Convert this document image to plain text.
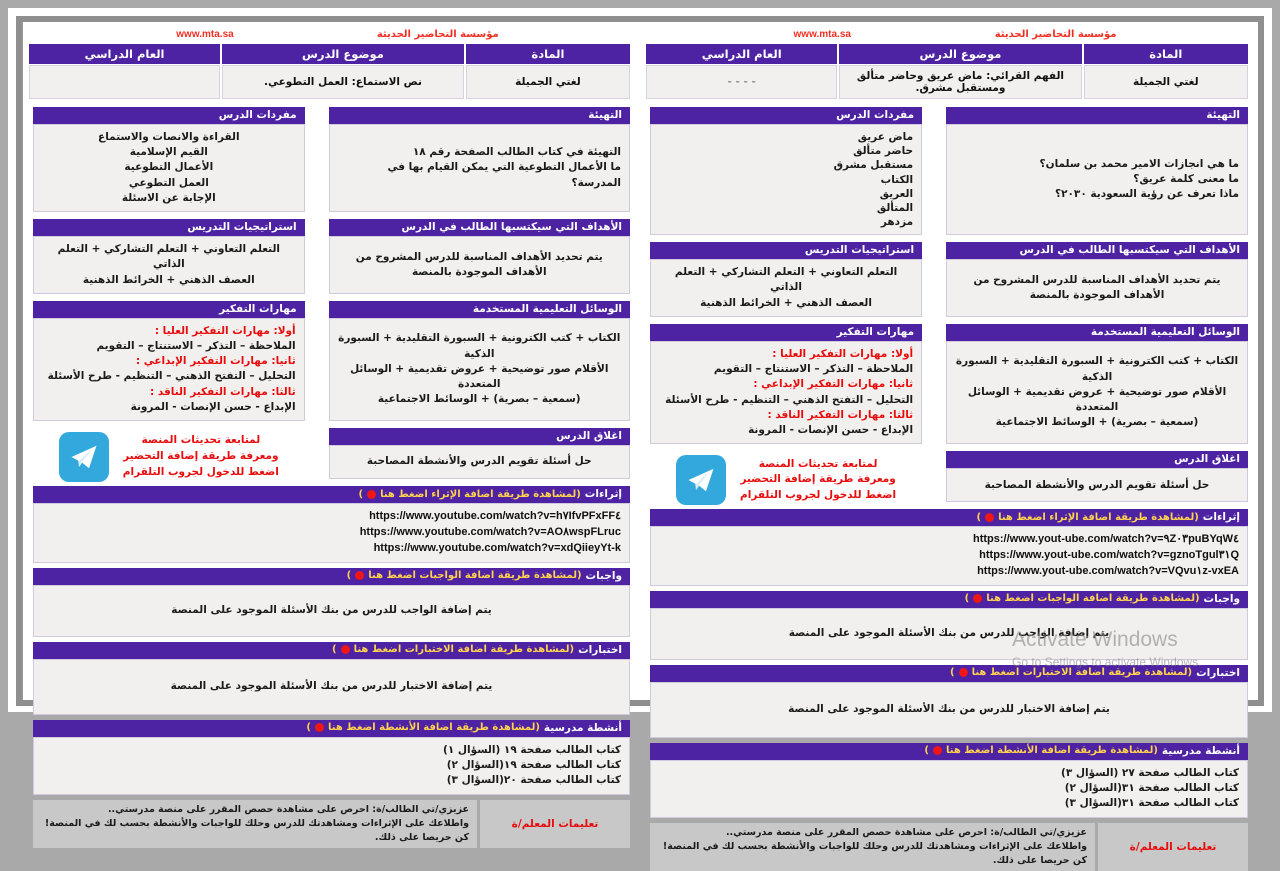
مؤسسة التحاضير الحديثة
www.mta.sa
المادة
موضوع الدرس
العام الدراسي
لغتي الجميلة
نص الاستماع: العمل التطوعي.
التهيئة
التهيئة في كتاب الطالب الصفحة رقم ١٨
ما الأعمال التطوعية التي يمكن القيام بها في المدرسة؟
مفردات الدرس
القراءة والانصات والاستماع
القيم الإسلامية
الأعمال التطوعية
العمل التطوعي
الإجابة عن الاسئلة
الأهداف التي سيكتسبها الطالب في الدرس
يتم تحديد الأهداف المناسبة للدرس المشروح من الأهداف الموجودة بالمنصة
استراتيجيات التدريس
التعلم التعاوني + التعلم التشاركي + التعلم الذاتي
العصف الذهني + الخرائط الذهنية
الوسائل التعليمية المستخدمة
الكتاب + كتب الكترونية + السبورة التقليدية + السبورة الذكية
الأقلام صور توضيحية + عروض تقديمية + الوسائل المتعددة
(سمعية – بصرية) + الوسائط الاجتماعية
مهارات التفكير
أولا: مهارات التفكير العليا :
الملاحظة – التذكر – الاستنتاج – التقويم
ثانيا: مهارات التفكير الإبداعي :
التحليل – التفتح الذهني – التنظيم - طرح الأسئلة
ثالثا: مهارات التفكير الناقد :
الإبداع - حسن الإنصات - المرونة
اغلاق الدرس
حل أسئلة تقويم الدرس والأنشطة المصاحبة
لمتابعة تحديثات المنصة
ومعرفة طريقة إضافة التحضير
اضغط للدخول لجروب التلقرام
إثراءات
(لمشاهدة طريقة اضافة الإثراء اضغط هنا
)
https://www.youtube.com/watch?v=h٧IfvPFxFF٤
https://www.youtube.com/watch?v=AO٨wspFLruc
https://www.youtube.com/watch?v=xdQiieyYt-k
واجبات
(لمشاهدة طريقة اضافة الواجبات اضغط هنا
)
يتم إضافة الواجب للدرس من بنك الأسئلة الموجود على المنصة
اختبارات
(لمشاهدة طريقة اضافة الاختبارات اضغط هنا
)
يتم إضافة الاختبار للدرس من بنك الأسئلة الموجود على المنصة
أنشطة مدرسية
(لمشاهدة طريقة اضافة الأنشطة اضغط هنا
)
كتاب الطالب صفحة ١٩ (السؤال ١)
كتاب الطالب صفحة ١٩(السؤال ٢)
كتاب الطالب صفحة ٢٠(السؤال ٣)
تعليمات المعلم/ة
عزيزي/تي الطالب/ة: احرص على مشاهدة حصص المقرر على منصة مدرستي..
واطلاعك على الإثراءات ومشاهدتك للدرس وحلك للواجبات والأنشطة بحسب لك في المنصة! كن حريصا على ذلك.
مؤسسة التحاضير الحديثة
www.mta.sa
المادة
موضوع الدرس
العام الدراسي
لغتي الجميلة
الفهم القرائي: ماض عريق وحاضر متألق ومستقبل مشرق.
- - - -
التهيئة
ما هي انجازات الامير محمد بن سلمان؟
ما معنى كلمة عريق؟
ماذا تعرف عن رؤية السعودية ٢٠٣٠؟
مفردات الدرس
ماض عريق
حاضر متألق
مستقبل مشرق
الكتاب
العريق
المتألق
مزدهر
الأهداف التي سيكتسبها الطالب في الدرس
يتم تحديد الأهداف المناسبة للدرس المشروح من الأهداف الموجودة بالمنصة
استراتيجيات التدريس
التعلم التعاوني + التعلم التشاركي + التعلم الذاتي
العصف الذهني + الخرائط الذهنية
الوسائل التعليمية المستخدمة
الكتاب + كتب الكترونية + السبورة التقليدية + السبورة الذكية
الأقلام صور توضيحية + عروض تقديمية + الوسائل المتعددة
(سمعية – بصرية) + الوسائط الاجتماعية
مهارات التفكير
أولا: مهارات التفكير العليا :
الملاحظة – التذكر – الاستنتاج – التقويم
ثانيا: مهارات التفكير الإبداعي :
التحليل – التفتح الذهني – التنظيم - طرح الأسئلة
ثالثا: مهارات التفكير الناقد :
الإبداع - حسن الإنصات - المرونة
اغلاق الدرس
حل أسئلة تقويم الدرس والأنشطة المصاحبة
لمتابعة تحديثات المنصة
ومعرفة طريقة إضافة التحضير
اضغط للدخول لجروب التلقرام
إثراءات
(لمشاهدة طريقة اضافة الإثراء اضغط هنا
)
https://www.yout-ube.com/watch?v=٩Z٠٣puBYqW٤
https://www.yout-ube.com/watch?v=gznoTgul٣١Q
https://www.yout-ube.com/watch?v=VQvu١z-vxEA
واجبات
(لمشاهدة طريقة اضافة الواجبات اضغط هنا
)
يتم إضافة الواجب للدرس من بنك الأسئلة الموجود على المنصة
اختبارات
(لمشاهدة طريقة اضافة الاختبارات اضغط هنا
)
يتم إضافة الاختبار للدرس من بنك الأسئلة الموجود على المنصة
أنشطة مدرسية
(لمشاهدة طريقة اضافة الأنشطة اضغط هنا
)
كتاب الطالب صفحة ٢٧ (السؤال ٣)
كتاب الطالب صفحة ٣١(السؤال ٢)
كتاب الطالب صفحة ٣١(السؤال ٣)
تعليمات المعلم/ة
عزيزي/تي الطالب/ة: احرص على مشاهدة حصص المقرر على منصة مدرستي..
واطلاعك على الإثراءات ومشاهدتك للدرس وحلك للواجبات والأنشطة بحسب لك في المنصة! كن حريصا على ذلك.
Activate Windows
Go to Settings to activate Windows.
